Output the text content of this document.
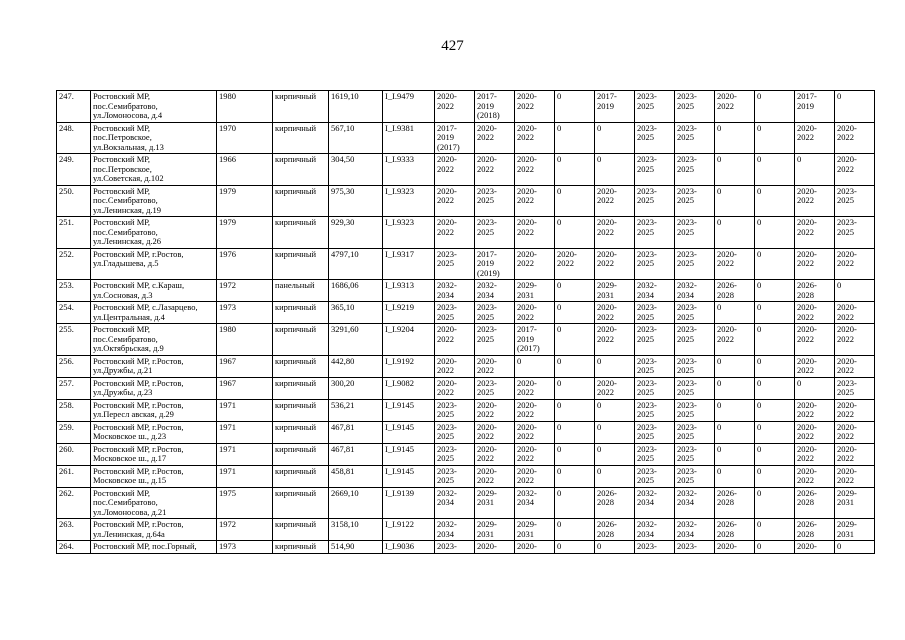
427
247.	Ростовский МР,
пос.Семибратово,
ул.Ломоносова, д.4	1980	кирпичный	1619,10	I_I.9479	2020-
2022	2017-
2019
(2018)	2020-
2022	0	2017-
2019	2023-
2025	2023-
2025	2020-
2022	0	2017-
2019	0
248.	Ростовский МР,
пос.Петровское,
ул.Вокзальная, д.13	1970	кирпичный	567,10	I_I.9381	2017-
2019
(2017)	2020-
2022	2020-
2022	0	0	2023-
2025	2023-
2025	0	0	2020-
2022	2020-
2022
249.	Ростовский МР,
пос.Петровское,
ул.Советская, д.102	1966	кирпичный	304,50	I_I.9333	2020-
2022	2020-
2022	2020-
2022	0	0	2023-
2025	2023-
2025	0	0	0	2020-
2022
250.	Ростовский МР,
пос.Семибратово,
ул.Ленинская, д.19	1979	кирпичный	975,30	I_I.9323	2020-
2022	2023-
2025	2020-
2022	0	2020-
2022	2023-
2025	2023-
2025	0	0	2020-
2022	2023-
2025
251.	Ростовский МР,
пос.Семибратово,
ул.Ленинская, д.26	1979	кирпичный	929,30	I_I.9323	2020-
2022	2023-
2025	2020-
2022	0	2020-
2022	2023-
2025	2023-
2025	0	0	2020-
2022	2023-
2025
252.	Ростовский МР, г.Ростов,
ул.Гладышева, д.5	1976	кирпичный	4797,10	I_I.9317	2023-
2025	2017-
2019
(2019)	2020-
2022	2020-
2022	2020-
2022	2023-
2025	2023-
2025	2020-
2022	0	2020-
2022	2020-
2022
253.	Ростовский МР, с.Караш,
ул.Сосновая, д.3	1972	панельный	1686,06	I_I.9313	2032-
2034	2032-
2034	2029-
2031	0	2029-
2031	2032-
2034	2032-
2034	2026-
2028	0	2026-
2028	0
254.	Ростовский МР, с.Лазарцево,
ул.Центральная, д.4	1973	кирпичный	365,10	I_I.9219	2023-
2025	2023-
2025	2020-
2022	0	2020-
2022	2023-
2025	2023-
2025	0	0	2020-
2022	2020-
2022
255.	Ростовский МР,
пос.Семибратово,
ул.Октябрьская, д.9	1980	кирпичный	3291,60	I_I.9204	2020-
2022	2023-
2025	2017-
2019
(2017)	0	2020-
2022	2023-
2025	2023-
2025	2020-
2022	0	2020-
2022	2020-
2022
256.	Ростовский МР, г.Ростов,
ул.Дружбы, д.21	1967	кирпичный	442,80	I_I.9192	2020-
2022	2020-
2022	0	0	0	2023-
2025	2023-
2025	0	0	2020-
2022	2020-
2022
257.	Ростовский МР, г.Ростов,
ул.Дружбы, д.23	1967	кирпичный	300,20	I_I.9082	2020-
2022	2023-
2025	2020-
2022	0	2020-
2022	2023-
2025	2023-
2025	0	0	0	2023-
2025
258.	Ростовский МР, г.Ростов,
ул.Пересл авская, д.29	1971	кирпичный	536,21	I_I.9145	2023-
2025	2020-
2022	2020-
2022	0	0	2023-
2025	2023-
2025	0	0	2020-
2022	2020-
2022
259.	Ростовский МР, г.Ростов,
Московское ш., д.23	1971	кирпичный	467,81	I_I.9145	2023-
2025	2020-
2022	2020-
2022	0	0	2023-
2025	2023-
2025	0	0	2020-
2022	2020-
2022
260.	Ростовский МР, г.Ростов,
Московское ш., д.17	1971	кирпичный	467,81	I_I.9145	2023-
2025	2020-
2022	2020-
2022	0	0	2023-
2025	2023-
2025	0	0	2020-
2022	2020-
2022
261.	Ростовский МР, г.Ростов,
Московское ш., д.15	1971	кирпичный	458,81	I_I.9145	2023-
2025	2020-
2022	2020-
2022	0	0	2023-
2025	2023-
2025	0	0	2020-
2022	2020-
2022
262.	Ростовский МР,
пос.Семибратово,
ул.Ломоносова, д.21	1975	кирпичный	2669,10	I_I.9139	2032-
2034	2029-
2031	2032-
2034	0	2026-
2028	2032-
2034	2032-
2034	2026-
2028	0	2026-
2028	2029-
2031
263.	Ростовский МР, г.Ростов,
ул.Ленинская, д.64а	1972	кирпичный	3158,10	I_I.9122	2032-
2034	2029-
2031	2029-
2031	0	2026-
2028	2032-
2034	2032-
2034	2026-
2028	0	2026-
2028	2029-
2031
264.	Ростовский МР, пос.Горный,	1973	кирпичный	514,90	I_I.9036	2023-	2020-	2020-	0	0	2023-	2023-	2020-	0	2020-	0
